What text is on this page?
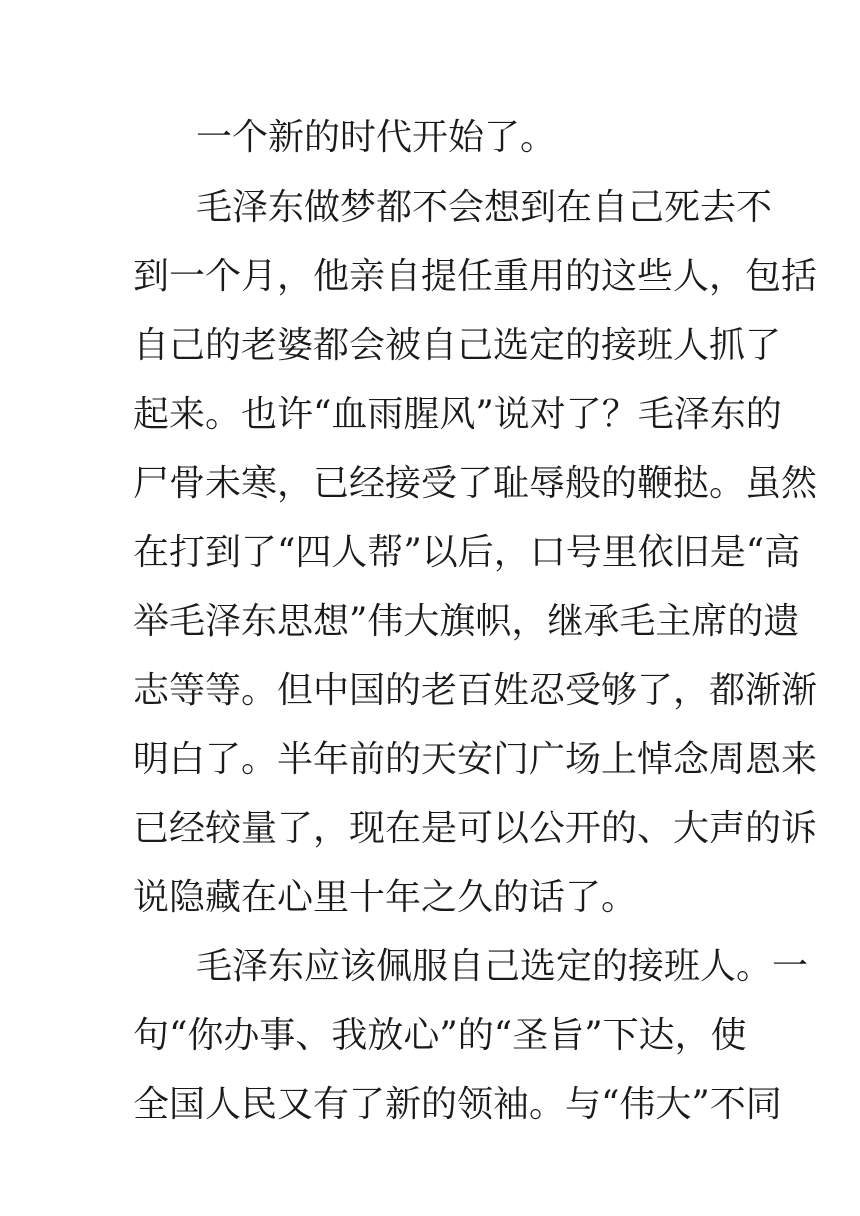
一个新的时代开始了。
毛泽东做梦都不会想到在自己死去不
到一个月，他亲自提任重用的这些人，包括
自己的老婆都会被自己选定的接班人抓了
起来。也许“血雨腥风”说对了？毛泽东的
尸骨未寒，已经接受了耻辱般的鞭挞。虽然
在打到了“四人帮”以后，口号里依旧是“高
举毛泽东思想”伟大旗帜，继承毛主席的遗
志等等。但中国的老百姓忍受够了，都渐渐
明白了。半年前的天安门广场上悼念周恩来
已经较量了，现在是可以公开的、大声的诉
说隐藏在心里十年之久的话了。
毛泽东应该佩服自己选定的接班人。一
句“你办事、我放心”的“圣旨”下达，使
全国人民又有了新的领袖。与“伟大”不同
